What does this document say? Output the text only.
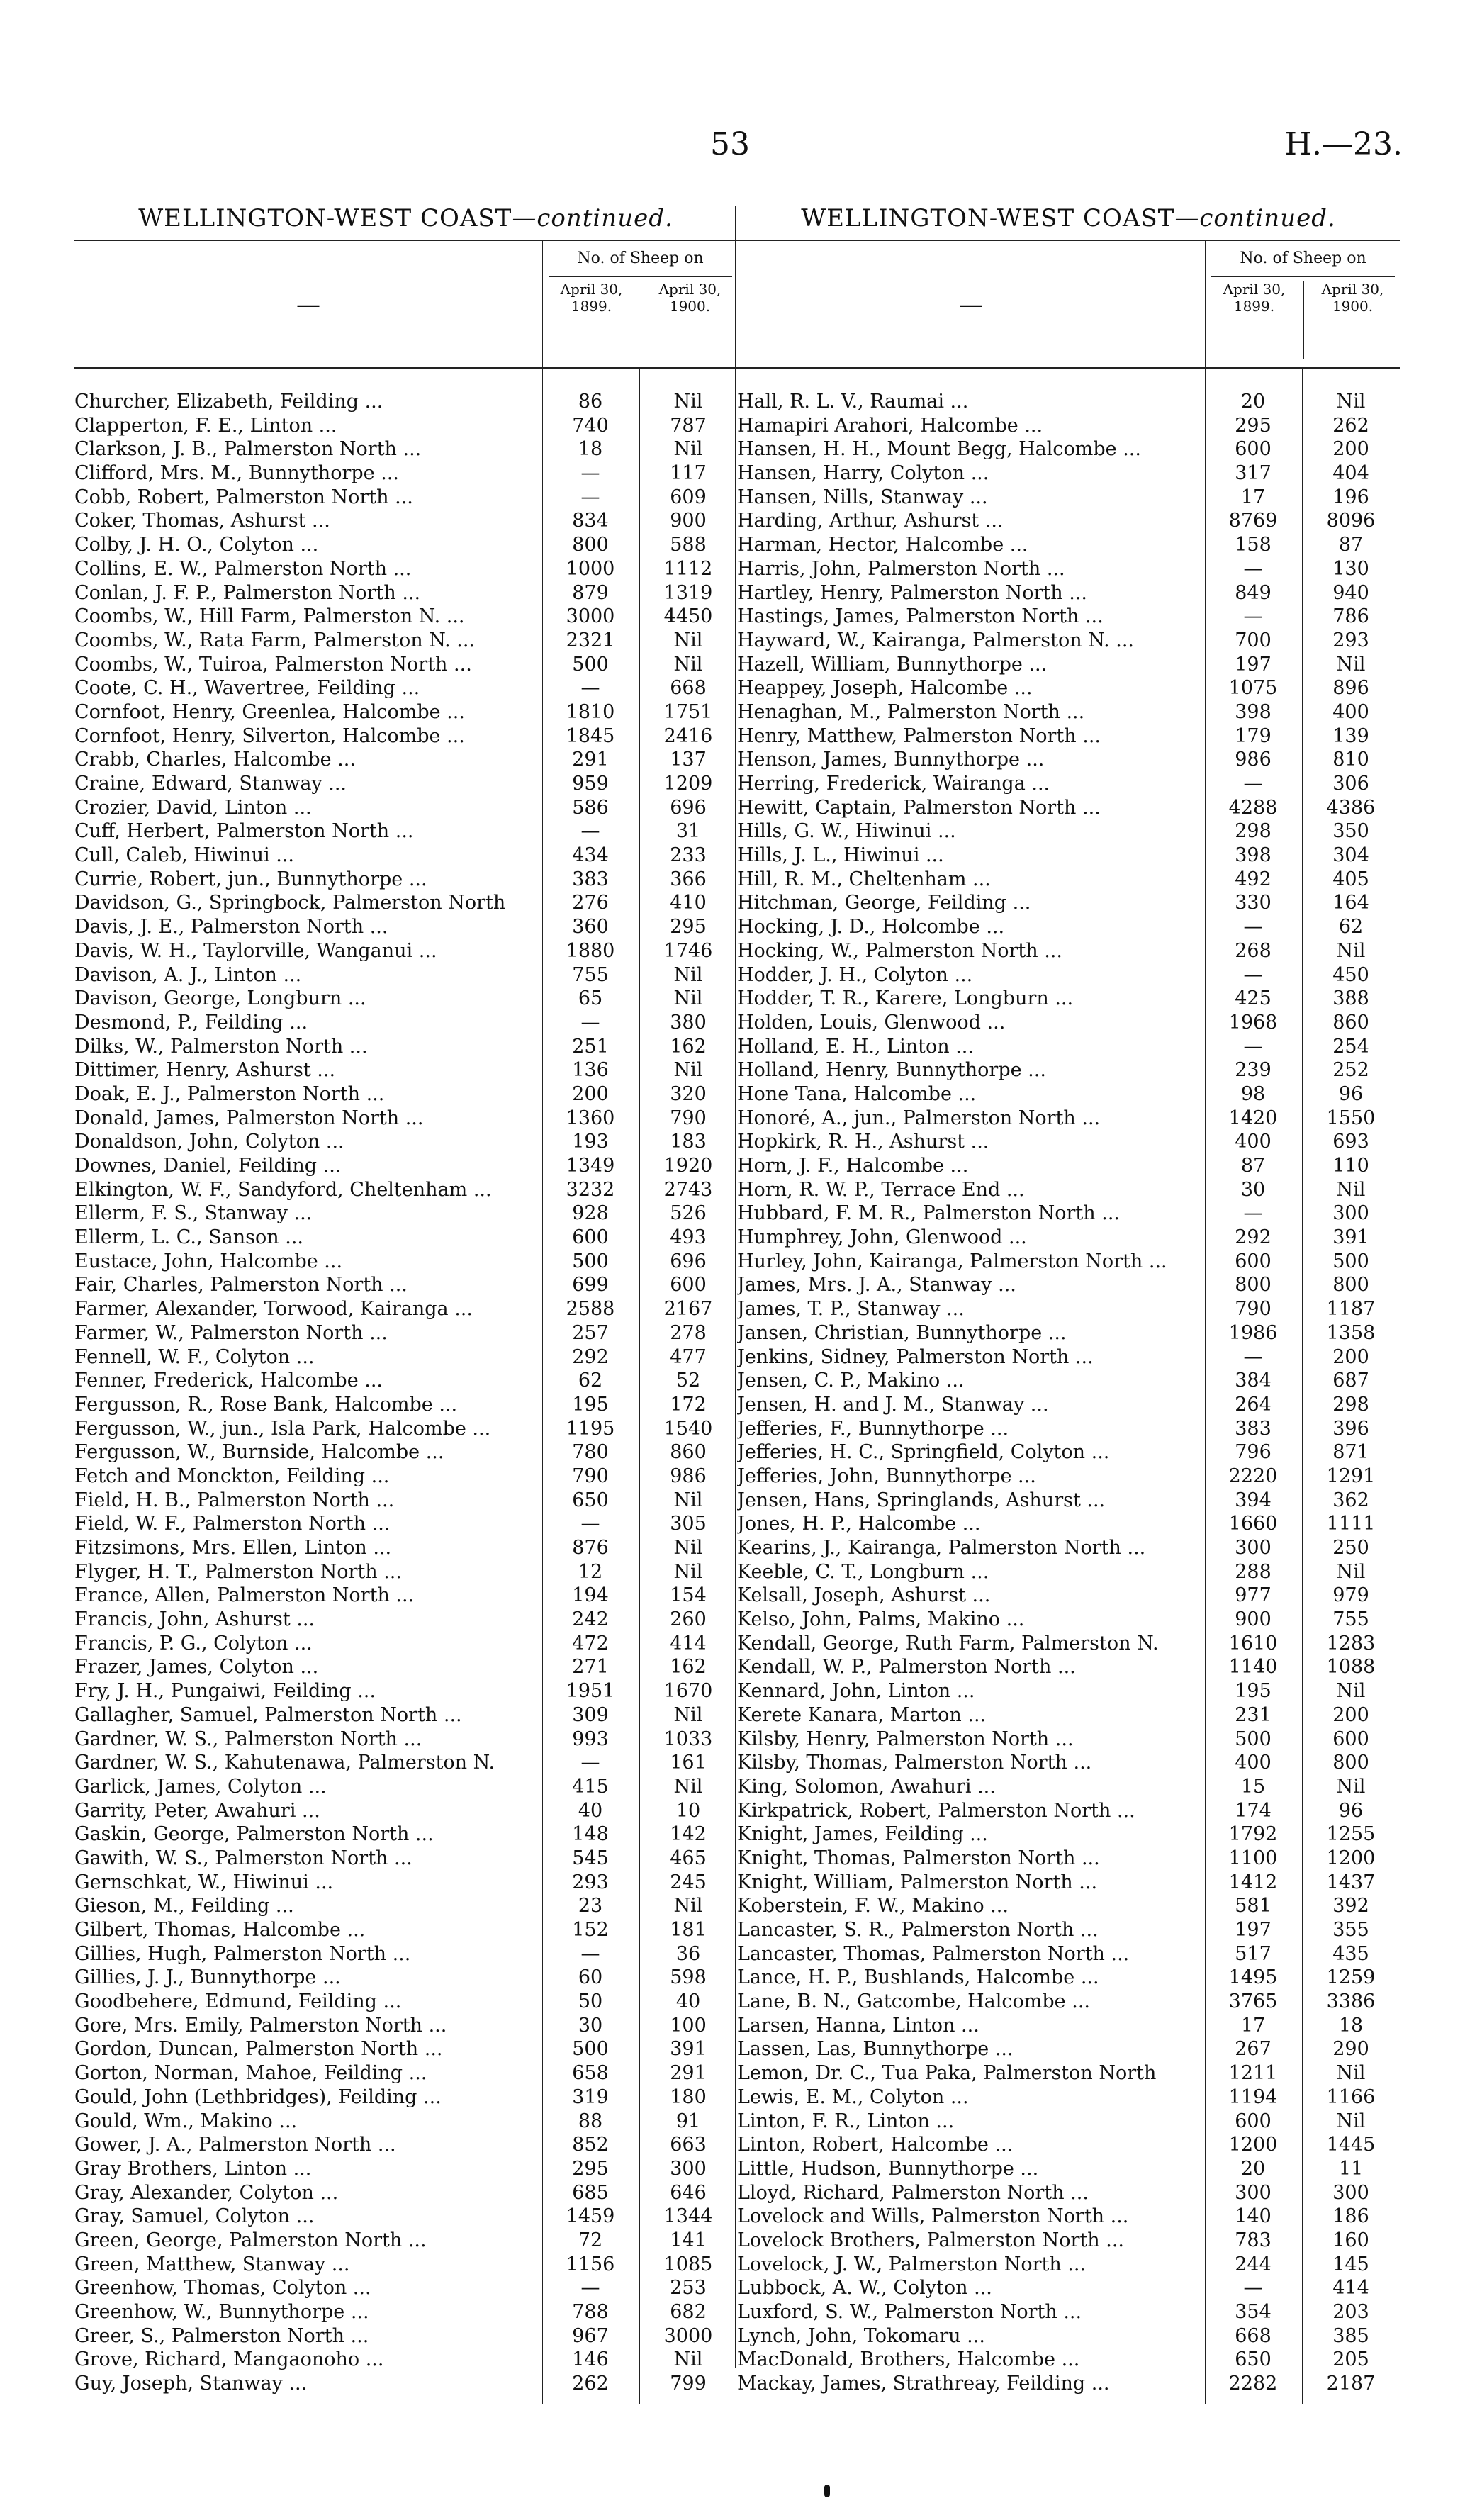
53	H.—23.
WELLINGTON-WEST COAST—continued.
—
No. of Sheep on
April 30, 1899.
April 30, 1900.
Churcher, Elizabeth, Feilding ...	86	Nil
Clapperton, F. E., Linton ...	740	787
Clarkson, J. B., Palmerston North ...	18	Nil
Clifford, Mrs. M., Bunnythorpe ...	—	117
Cobb, Robert, Palmerston North ...	—	609
Coker, Thomas, Ashurst ...	834	900
Colby, J. H. O., Colyton ...	800	588
Collins, E. W., Palmerston North ...	1000	1112
Conlan, J. F. P., Palmerston North ...	879	1319
Coombs, W., Hill Farm, Palmerston N. ...	3000	4450
Coombs, W., Rata Farm, Palmerston N. ...	2321	Nil
Coombs, W., Tuiroa, Palmerston North ...	500	Nil
Coote, C. H., Wavertree, Feilding ...	—	668
Cornfoot, Henry, Greenlea, Halcombe ...	1810	1751
Cornfoot, Henry, Silverton, Halcombe ...	1845	2416
Crabb, Charles, Halcombe ...	291	137
Craine, Edward, Stanway ...	959	1209
Crozier, David, Linton ...	586	696
Cuff, Herbert, Palmerston North ...	—	31
Cull, Caleb, Hiwinui ...	434	233
Currie, Robert, jun., Bunnythorpe ...	383	366
Davidson, G., Springbock, Palmerston North	276	410
Davis, J. E., Palmerston North ...	360	295
Davis, W. H., Taylorville, Wanganui ...	1880	1746
Davison, A. J., Linton ...	755	Nil
Davison, George, Longburn ...	65	Nil
Desmond, P., Feilding ...	—	380
Dilks, W., Palmerston North ...	251	162
Dittimer, Henry, Ashurst ...	136	Nil
Doak, E. J., Palmerston North ...	200	320
Donald, James, Palmerston North ...	1360	790
Donaldson, John, Colyton ...	193	183
Downes, Daniel, Feilding ...	1349	1920
Elkington, W. F., Sandyford, Cheltenham ...	3232	2743
Ellerm, F. S., Stanway ...	928	526
Ellerm, L. C., Sanson ...	600	493
Eustace, John, Halcombe ...	500	696
Fair, Charles, Palmerston North ...	699	600
Farmer, Alexander, Torwood, Kairanga ...	2588	2167
Farmer, W., Palmerston North ...	257	278
Fennell, W. F., Colyton ...	292	477
Fenner, Frederick, Halcombe ...	62	52
Fergusson, R., Rose Bank, Halcombe ...	195	172
Fergusson, W., jun., Isla Park, Halcombe ...	1195	1540
Fergusson, W., Burnside, Halcombe ...	780	860
Fetch and Monckton, Feilding ...	790	986
Field, H. B., Palmerston North ...	650	Nil
Field, W. F., Palmerston North ...	—	305
Fitzsimons, Mrs. Ellen, Linton ...	876	Nil
Flyger, H. T., Palmerston North ...	12	Nil
France, Allen, Palmerston North ...	194	154
Francis, John, Ashurst ...	242	260
Francis, P. G., Colyton ...	472	414
Frazer, James, Colyton ...	271	162
Fry, J. H., Pungaiwi, Feilding ...	1951	1670
Gallagher, Samuel, Palmerston North ...	309	Nil
Gardner, W. S., Palmerston North ...	993	1033
Gardner, W. S., Kahutenawa, Palmerston N.	—	161
Garlick, James, Colyton ...	415	Nil
Garrity, Peter, Awahuri ...	40	10
Gaskin, George, Palmerston North ...	148	142
Gawith, W. S., Palmerston North ...	545	465
Gernschkat, W., Hiwinui ...	293	245
Gieson, M., Feilding ...	23	Nil
Gilbert, Thomas, Halcombe ...	152	181
Gillies, Hugh, Palmerston North ...	—	36
Gillies, J. J., Bunnythorpe ...	60	598
Goodbehere, Edmund, Feilding ...	50	40
Gore, Mrs. Emily, Palmerston North ...	30	100
Gordon, Duncan, Palmerston North ...	500	391
Gorton, Norman, Mahoe, Feilding ...	658	291
Gould, John (Lethbridges), Feilding ...	319	180
Gould, Wm., Makino ...	88	91
Gower, J. A., Palmerston North ...	852	663
Gray Brothers, Linton ...	295	300
Gray, Alexander, Colyton ...	685	646
Gray, Samuel, Colyton ...	1459	1344
Green, George, Palmerston North ...	72	141
Green, Matthew, Stanway ...	1156	1085
Greenhow, Thomas, Colyton ...	—	253
Greenhow, W., Bunnythorpe ...	788	682
Greer, S., Palmerston North ...	967	3000
Grove, Richard, Mangaonoho ...	146	Nil
Guy, Joseph, Stanway ...	262	799
WELLINGTON-WEST COAST—continued.
—
No. of Sheep on
April 30, 1899.
April 30, 1900.
Hall, R. L. V., Raumai ...	20	Nil
Hamapiri Arahori, Halcombe ...	295	262
Hansen, H. H., Mount Begg, Halcombe ...	600	200
Hansen, Harry, Colyton ...	317	404
Hansen, Nills, Stanway ...	17	196
Harding, Arthur, Ashurst ...	8769	8096
Harman, Hector, Halcombe ...	158	87
Harris, John, Palmerston North ...	—	130
Hartley, Henry, Palmerston North ...	849	940
Hastings, James, Palmerston North ...	—	786
Hayward, W., Kairanga, Palmerston N. ...	700	293
Hazell, William, Bunnythorpe ...	197	Nil
Heappey, Joseph, Halcombe ...	1075	896
Henaghan, M., Palmerston North ...	398	400
Henry, Matthew, Palmerston North ...	179	139
Henson, James, Bunnythorpe ...	986	810
Herring, Frederick, Wairanga ...	—	306
Hewitt, Captain, Palmerston North ...	4288	4386
Hills, G. W., Hiwinui ...	298	350
Hills, J. L., Hiwinui ...	398	304
Hill, R. M., Cheltenham ...	492	405
Hitchman, George, Feilding ...	330	164
Hocking, J. D., Holcombe ...	—	62
Hocking, W., Palmerston North ...	268	Nil
Hodder, J. H., Colyton ...	—	450
Hodder, T. R., Karere, Longburn ...	425	388
Holden, Louis, Glenwood ...	1968	860
Holland, E. H., Linton ...	—	254
Holland, Henry, Bunnythorpe ...	239	252
Hone Tana, Halcombe ...	98	96
Honoré, A., jun., Palmerston North ...	1420	1550
Hopkirk, R. H., Ashurst ...	400	693
Horn, J. F., Halcombe ...	87	110
Horn, R. W. P., Terrace End ...	30	Nil
Hubbard, F. M. R., Palmerston North ...	—	300
Humphrey, John, Glenwood ...	292	391
Hurley, John, Kairanga, Palmerston North ...	600	500
James, Mrs. J. A., Stanway ...	800	800
James, T. P., Stanway ...	790	1187
Jansen, Christian, Bunnythorpe ...	1986	1358
Jenkins, Sidney, Palmerston North ...	—	200
Jensen, C. P., Makino ...	384	687
Jensen, H. and J. M., Stanway ...	264	298
Jefferies, F., Bunnythorpe ...	383	396
Jefferies, H. C., Springfield, Colyton ...	796	871
Jefferies, John, Bunnythorpe ...	2220	1291
Jensen, Hans, Springlands, Ashurst ...	394	362
Jones, H. P., Halcombe ...	1660	1111
Kearins, J., Kairanga, Palmerston North ...	300	250
Keeble, C. T., Longburn ...	288	Nil
Kelsall, Joseph, Ashurst ...	977	979
Kelso, John, Palms, Makino ...	900	755
Kendall, George, Ruth Farm, Palmerston N.	1610	1283
Kendall, W. P., Palmerston North ...	1140	1088
Kennard, John, Linton ...	195	Nil
Kerete Kanara, Marton ...	231	200
Kilsby, Henry, Palmerston North ...	500	600
Kilsby, Thomas, Palmerston North ...	400	800
King, Solomon, Awahuri ...	15	Nil
Kirkpatrick, Robert, Palmerston North ...	174	96
Knight, James, Feilding ...	1792	1255
Knight, Thomas, Palmerston North ...	1100	1200
Knight, William, Palmerston North ...	1412	1437
Koberstein, F. W., Makino ...	581	392
Lancaster, S. R., Palmerston North ...	197	355
Lancaster, Thomas, Palmerston North ...	517	435
Lance, H. P., Bushlands, Halcombe ...	1495	1259
Lane, B. N., Gatcombe, Halcombe ...	3765	3386
Larsen, Hanna, Linton ...	17	18
Lassen, Las, Bunnythorpe ...	267	290
Lemon, Dr. C., Tua Paka, Palmerston North	1211	Nil
Lewis, E. M., Colyton ...	1194	1166
Linton, F. R., Linton ...	600	Nil
Linton, Robert, Halcombe ...	1200	1445
Little, Hudson, Bunnythorpe ...	20	11
Lloyd, Richard, Palmerston North ...	300	300
Lovelock and Wills, Palmerston North ...	140	186
Lovelock Brothers, Palmerston North ...	783	160
Lovelock, J. W., Palmerston North ...	244	145
Lubbock, A. W., Colyton ...	—	414
Luxford, S. W., Palmerston North ...	354	203
Lynch, John, Tokomaru ...	668	385
MacDonald, Brothers, Halcombe ...	650	205
Mackay, James, Strathreay, Feilding ...	2282	2187
